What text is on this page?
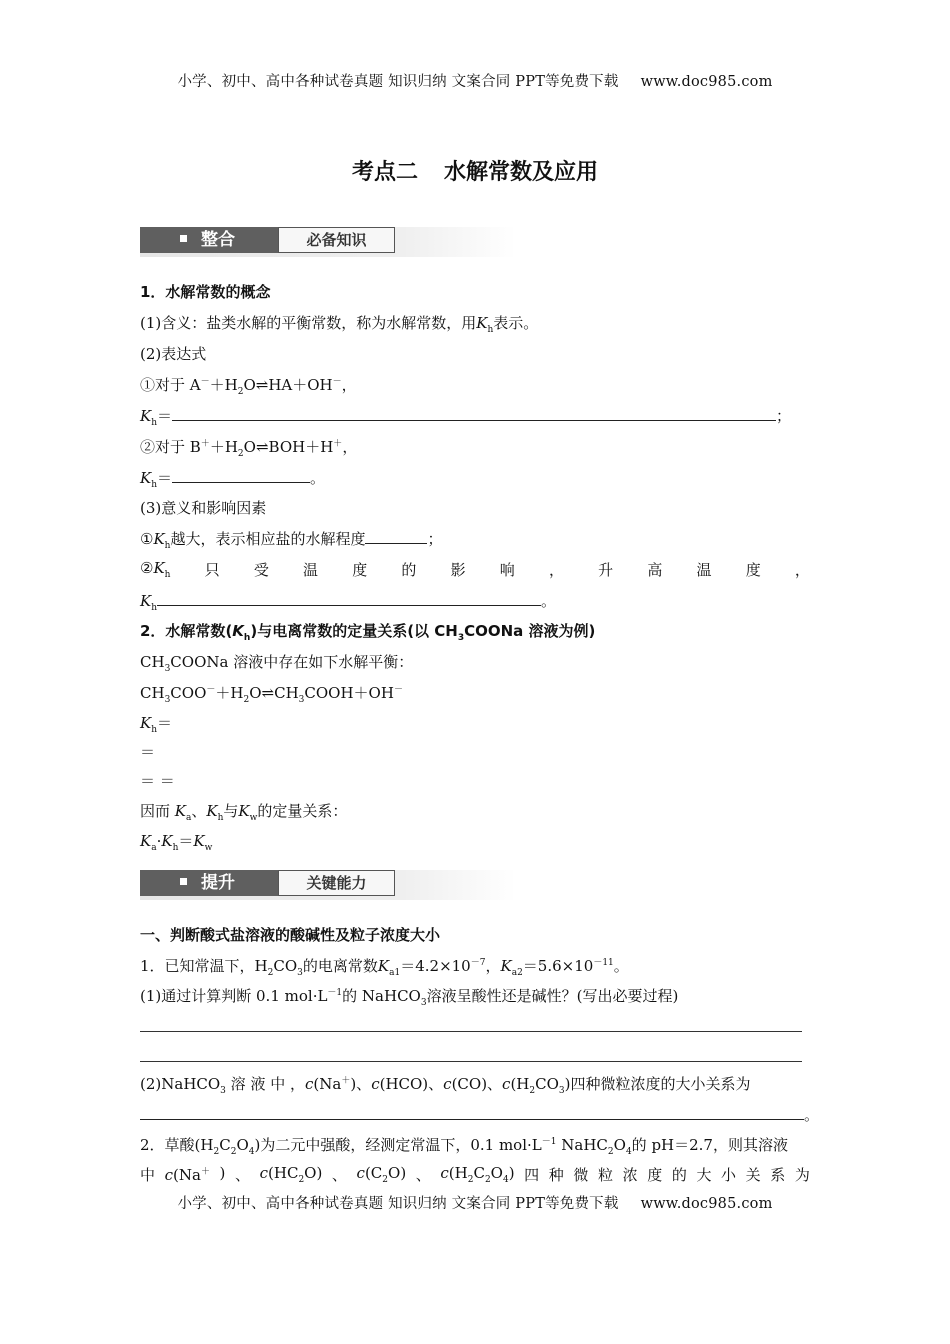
小学、初中、高中各种试卷真题 知识归纳 文案合同 PPT等免费下载 www.doc985.com
考点二 水解常数及应用
整合	必备知识
1．水解常数的概念
(1)含义：盐类水解的平衡常数，称为水解常数，用$K_h$表示。
(2)表达式
①对于 $A^-+H_2O\rightleftharpoons HA+OH^-$，
$K_h=$	；
②对于 $B^++H_2O\rightleftharpoons BOH+H^+$，
$K_h=$	。
(3)意义和影响因素
$①K_h$越大，表示相应盐的水解程度	；
$②K_h$ 只 受 温 度 的 影 响 ， 升 高 温 度 ，
$K_h$	。
2．水解常数$(K_h)$与电离常数的定量关系(以 $CH_3COONa$ 溶液为例)
$CH_3COONa$ 溶液中存在如下水解平衡：
$CH_3COO^-+H_2O\rightleftharpoons CH_3COOH+OH^-$
$K_h=$
＝
＝ ＝
因而 $K_a$、$K_h$与$K_w$的定量关系：
$K_a\cdot K_h=K_w$
提升	关键能力
一、判断酸式盐溶液的酸碱性及粒子浓度大小
1．已知常温下，$H_2CO_3$的电离常数$K_{a1}=4.2\times 10^{-7}$，$K_{a2}=5.6\times 10^{-11}$。
(1)通过计算判断 0.1 $mol\cdot L^{-1}$的 NaHCO$_3$溶液呈酸性还是碱性？(写出必要过程)
(2)NaHCO$_3$ 溶 液 中 ，c(Na＋)、c(HCO)、c(CO)、$c(H_2CO_3)$四种微粒浓度的大小关系为
。
2．草酸$(H_2C_2O_4)$为二元中强酸，经测定常温下，0.1 $mol\cdot L^{-1}$ $NaHC_2O_4$的 pH＝2.7，则其溶液
中 c(Na＋ ) 、 $c(HC_2O)$ 、 $c(C_2O)$ 、 $c(H_2C_2O_4)$ 四 种 微 粒 浓 度 的 大 小 关 系 为
小学、初中、高中各种试卷真题 知识归纳 文案合同 PPT等免费下载 www.doc985.com
